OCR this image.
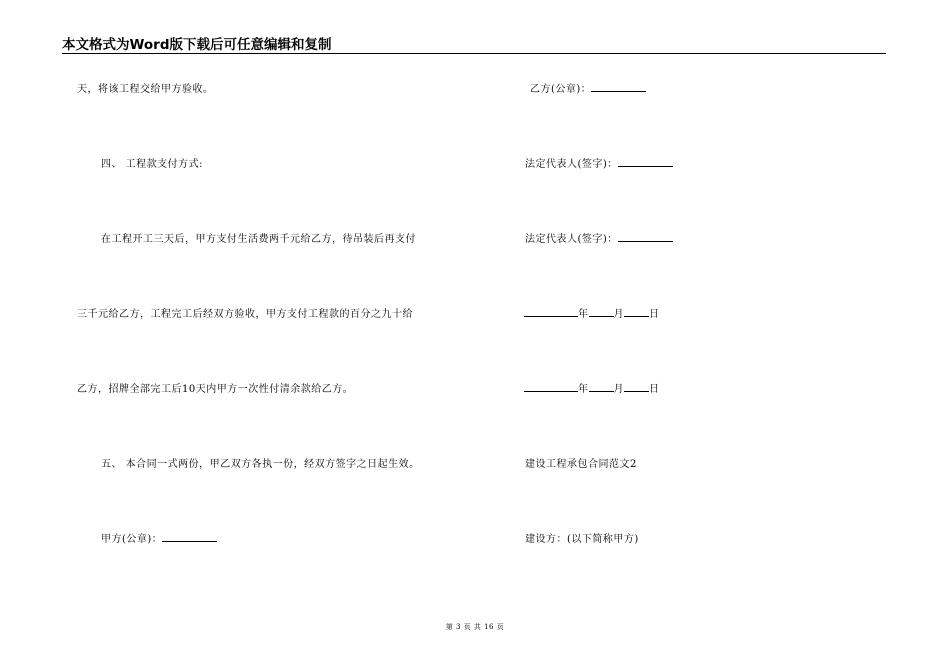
本文格式为Word版下载后可任意编辑和复制
天，将该工程交给甲方验收。
四、 工程款支付方式:
在工程开工三天后，甲方支付生活费两千元给乙方，待吊装后再支付
三千元给乙方，工程完工后经双方验收，甲方支付工程款的百分之九十给
乙方，招牌全部完工后10天内甲方一次性付清余款给乙方。
五、 本合同一式两份，甲乙双方各执一份，经双方签字之日起生效。
甲方(公章)：
乙方(公章)：
法定代表人(签字)：
法定代表人(签字)：
年	月	日
年	月	日
建设工程承包合同范文2
建设方：(以下简称甲方)
第 3 页 共 16 页
